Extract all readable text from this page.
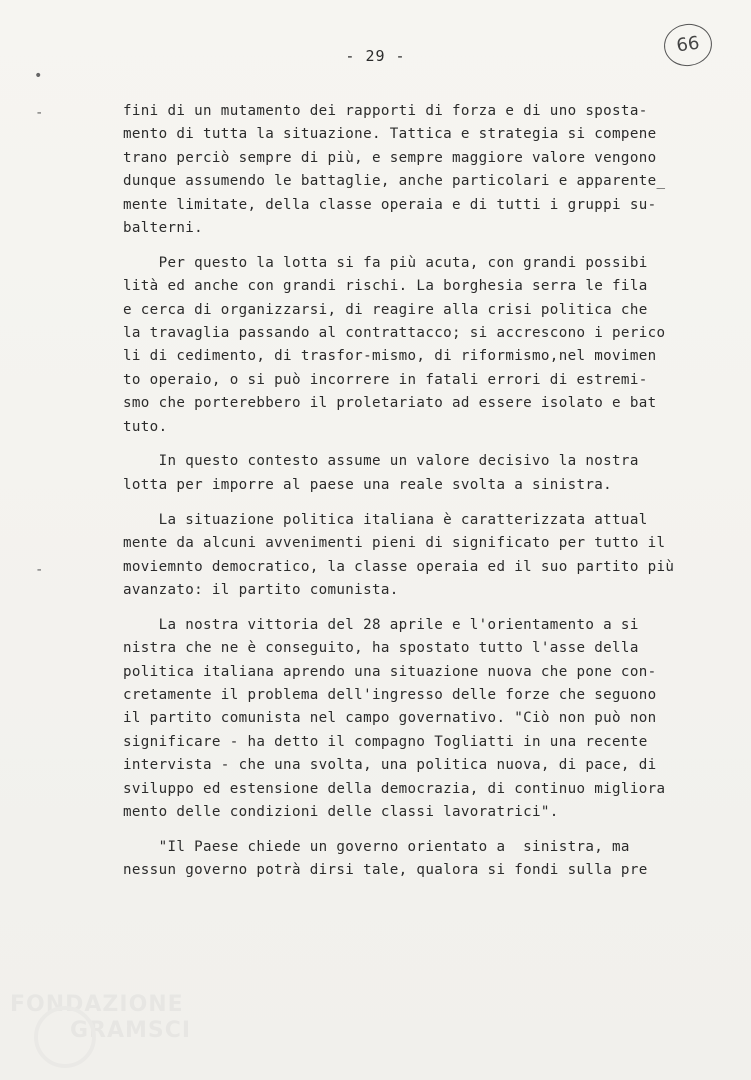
- 29 -	66
•
-
-
fini di un mutamento dei rapporti di forza e di uno sposta-
mento di tutta la situazione. Tattica e strategia si compene
trano perciò sempre di più, e sempre maggiore valore vengono
dunque assumendo le battaglie, anche particolari e apparente_
mente limitate, della classe operaia e di tutti i gruppi su-
balterni.
Per questo la lotta si fa più acuta, con grandi possibi
lità ed anche con grandi rischi. La borghesia serra le fila
e cerca di organizzarsi, di reagire alla crisi politica che
la travaglia passando al contrattacco; si accrescono i perico
li di cedimento, di trasfor-mismo, di riformismo,nel movimen
to operaio, o si può incorrere in fatali errori di estremi-
smo che porterebbero il proletariato ad essere isolato e bat
tuto.
In questo contesto assume un valore decisivo la nostra
lotta per imporre al paese una reale svolta a sinistra.
La situazione politica italiana è caratterizzata attual
mente da alcuni avvenimenti pieni di significato per tutto il
moviemnto democratico, la classe operaia ed il suo partito più
avanzato: il partito comunista.
La nostra vittoria del 28 aprile e l'orientamento a si
nistra che ne è conseguito, ha spostato tutto l'asse della
politica italiana aprendo una situazione nuova che pone con-
cretamente il problema dell'ingresso delle forze che seguono
il partito comunista nel campo governativo. "Ciò non può non
significare - ha detto il compagno Togliatti in una recente
intervista - che una svolta, una politica nuova, di pace, di
sviluppo ed estensione della democrazia, di continuo migliora
mento delle condizioni delle classi lavoratrici".
"Il Paese chiede un governo orientato a  sinistra, ma
nessun governo potrà dirsi tale, qualora si fondi sulla pre
FONDAZIONE
GRAMSCI
